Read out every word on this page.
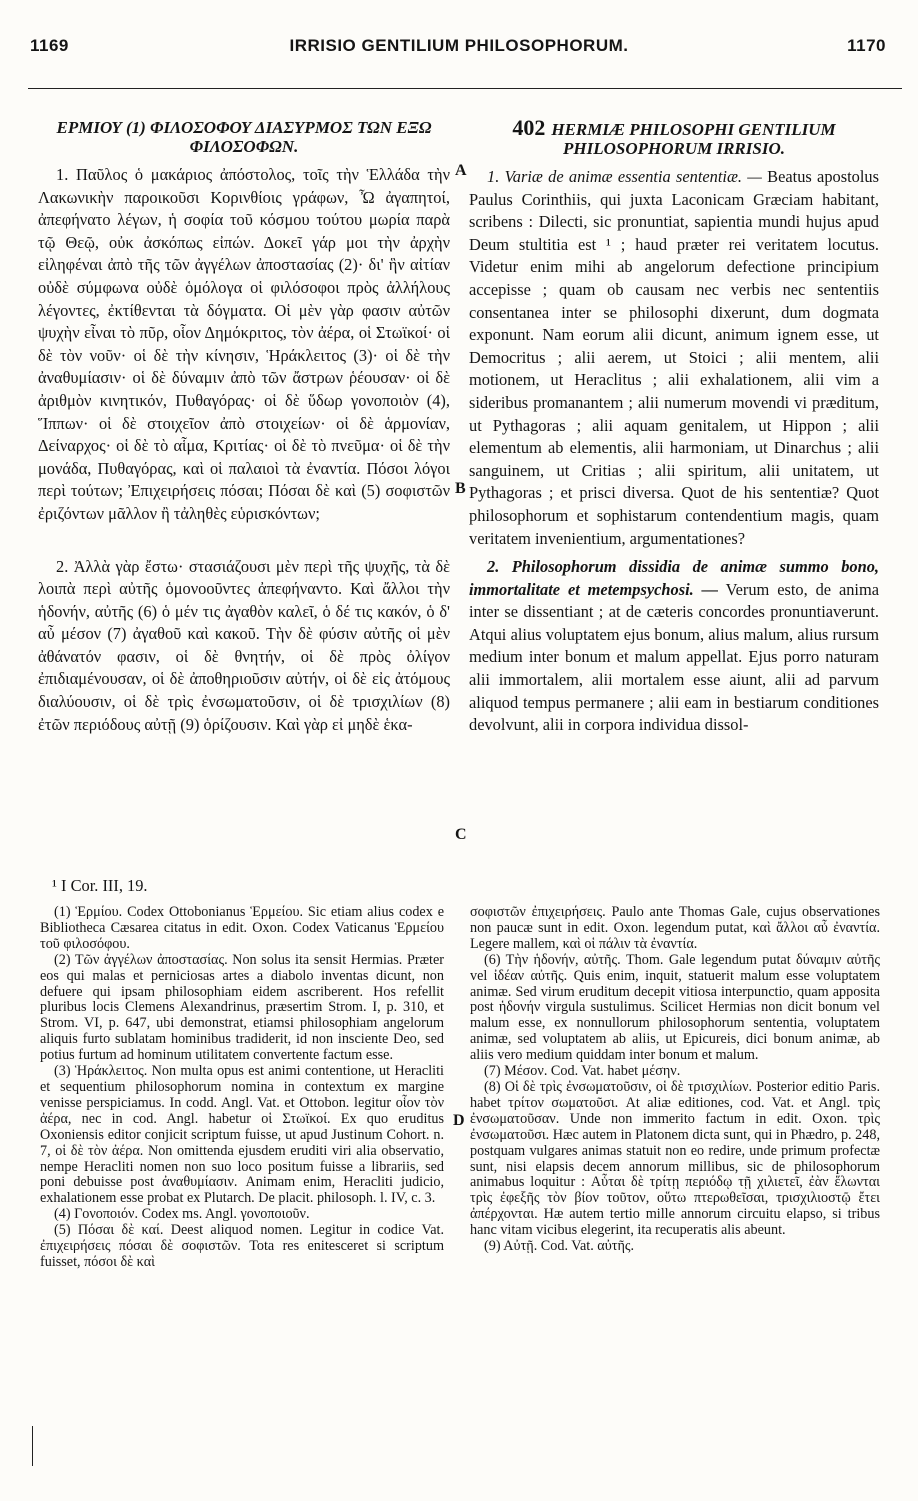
1169	IRRISIO GENTILIUM PHILOSOPHORUM.	1170
ΕΡΜΙΟΥ (1) ΦΙΛΟΣΟΦΟΥ ΔΙΑΣΥΡΜΟΣ ΤΩΝ ΕΞΩ ΦΙΛΟΣΟΦΩΝ.

1. Παῦλος ὁ μακάριος ἀπόστολος, τοῖς τὴν Ἑλλάδα τὴν Λακωνικὴν παροικοῦσι Κορινθίοις γράφων, Ὦ ἀγαπητοί, ἀπεφήνατο λέγων, ἡ σοφία τοῦ κόσμου τούτου μωρία παρὰ τῷ Θεῷ, οὐκ ἀσκόπως εἰπών. Δοκεῖ γάρ μοι τὴν ἀρχὴν εἰληφέναι ἀπὸ τῆς τῶν ἀγγέλων ἀποστασίας (2)· δι' ἣν αἰτίαν οὐδὲ σύμφωνα οὐδὲ ὁμόλογα οἱ φιλόσοφοι πρὸς ἀλλήλους λέγοντες, ἐκτίθενται τὰ δόγματα. Οἱ μὲν γὰρ φασιν αὐτῶν ψυχὴν εἶναι τὸ πῦρ, οἷον Δημόκριτος, τὸν ἀέρα, οἱ Στωϊκοί· οἱ δὲ τὸν νοῦν· οἱ δὲ τὴν κίνησιν, Ἡράκλειτος (3)· οἱ δὲ τὴν ἀναθυμίασιν· οἱ δὲ δύναμιν ἀπὸ τῶν ἄστρων ῥέουσαν· οἱ δὲ ἀριθμὸν κινητικόν, Πυθαγόρας· οἱ δὲ ὕδωρ γονοποιὸν (4), Ἵππων· οἱ δὲ στοιχεῖον ἀπὸ στοιχείων· οἱ δὲ ἁρμονίαν, Δείναρχος· οἱ δὲ τὸ αἷμα, Κριτίας· οἱ δὲ τὸ πνεῦμα· οἱ δὲ τὴν μονάδα, Πυθαγόρας, καὶ οἱ παλαιοὶ τὰ ἐναντία. Πόσοι λόγοι περὶ τούτων; Ἐπιχειρήσεις πόσαι; Πόσαι δὲ καὶ (5) σοφιστῶν ἐριζόντων μᾶλλον ἢ τἀληθὲς εὑρισκόντων;

2. Ἀλλὰ γὰρ ἔστω· στασιάζουσι μὲν περὶ τῆς ψυχῆς, τὰ δὲ λοιπὰ περὶ αὐτῆς ὁμονοοῦντες ἀπεφήναντο. Καὶ ἄλλοι τὴν ἡδονήν, αὐτῆς (6) ὁ μέν τις ἀγαθὸν καλεῖ, ὁ δέ τις κακόν, ὁ δ' αὖ μέσον (7) ἀγαθοῦ καὶ κακοῦ. Τὴν δὲ φύσιν αὐτῆς οἱ μὲν ἀθάνατόν φασιν, οἱ δὲ θνητήν, οἱ δὲ πρὸς ὀλίγον ἐπιδιαμένουσαν, οἱ δὲ ἀποθηριοῦσιν αὐτήν, οἱ δὲ εἰς ἀτόμους διαλύουσιν, οἱ δὲ τρὶς ἐνσωματοῦσιν, οἱ δὲ τρισχιλίων (8) ἐτῶν περιόδους αὐτῇ (9) ὁρίζουσιν. Καὶ γὰρ εἰ μηδὲ ἑκα-

402 HERMIÆ PHILOSOPHI GENTILIUM PHILOSOPHORUM IRRISIO.

1. Variæ de animæ essentia sententiæ. — Beatus apostolus Paulus Corinthiis, qui juxta Laconicam Græciam habitant, scribens : Dilecti, sic pronuntiat, sapientia mundi hujus apud Deum stultitia est ¹ ; haud præter rei veritatem locutus. Videtur enim mihi ab angelorum defectione principium accepisse ; quam ob causam nec verbis nec sententiis consentanea inter se philosophi dixerunt, dum dogmata exponunt. Nam eorum alii dicunt, animum ignem esse, ut Democritus ; alii aerem, ut Stoici ; alii mentem, alii motionem, ut Heraclitus ; alii exhalationem, alii vim a sideribus promanantem ; alii numerum movendi vi præditum, ut Pythagoras ; alii aquam genitalem, ut Hippon ; alii elementum ab elementis, alii harmoniam, ut Dinarchus ; alii sanguinem, ut Critias ; alii spiritum, alii unitatem, ut Pythagoras ; et prisci diversa. Quot de his sententiæ? Quot philosophorum et sophistarum contendentium magis, quam veritatem invenientium, argumentationes?

2. Philosophorum dissidia de animæ summo bono, immortalitate et metempsychosi. — Verum esto, de anima inter se dissentiant ; at de cæteris concordes pronuntiaverunt. Atqui alius voluptatem ejus bonum, alius malum, alius rursum medium inter bonum et malum appellat. Ejus porro naturam alii immortalem, alii mortalem esse aiunt, alii ad parvum aliquod tempus permanere ; alii eam in bestiarum conditiones devolvunt, alii in corpora individua dissol-

A
B
C
D
¹ I Cor. III, 19.

(1) Ἑρμίου. Codex Ottobonianus Ἑρμείου. Sic etiam alius codex e Bibliotheca Cæsarea citatus in edit. Oxon. Codex Vaticanus Ἑρμείου τοῦ φιλοσόφου.

(2) Τῶν ἀγγέλων ἀποστασίας. Non solus ita sensit Hermias. Præter eos qui malas et perniciosas artes a diabolo inventas dicunt, non defuere qui ipsam philosophiam eidem ascriberent. Hos refellit pluribus locis Clemens Alexandrinus, præsertim Strom. I, p. 310, et Strom. VI, p. 647, ubi demonstrat, etiamsi philosophiam angelorum aliquis furto sublatam hominibus tradiderit, id non insciente Deo, sed potius furtum ad hominum utilitatem convertente factum esse.

(3) Ἡράκλειτος. Non multa opus est animi contentione, ut Heracliti et sequentium philosophorum nomina in contextum ex margine venisse perspiciamus. In codd. Angl. Vat. et Ottobon. legitur οἷον τὸν ἀέρα, nec in cod. Angl. habetur οἱ Στωϊκοί. Ex quo eruditus Oxoniensis editor conjicit scriptum fuisse, ut apud Justinum Cohort. n. 7, οἱ δὲ τὸν ἀέρα. Non omittenda ejusdem eruditi viri alia observatio, nempe Heracliti nomen non suo loco positum fuisse a librariis, sed poni debuisse post ἀναθυμίασιν. Animam enim, Heracliti judicio, exhalationem esse probat ex Plutarch. De placit. philosoph. l. IV, c. 3.

(4) Γονοποιόν. Codex ms. Angl. γονοποιοῦν.

(5) Πόσαι δὲ καί. Deest aliquod nomen. Legitur in codice Vat. ἐπιχειρήσεις πόσαι δὲ σοφιστῶν. Tota res enitesceret si scriptum fuisset, πόσοι δὲ καὶ

σοφιστῶν ἐπιχειρήσεις. Paulo ante Thomas Gale, cujus observationes non paucæ sunt in edit. Oxon. legendum putat, καὶ ἄλλοι αὖ ἐναντία. Legere mallem, καὶ οἱ πάλιν τὰ ἐναντία.

(6) Τὴν ἡδονήν, αὐτῆς. Thom. Gale legendum putat δύναμιν αὐτῆς vel ἰδέαν αὐτῆς. Quis enim, inquit, statuerit malum esse voluptatem animæ. Sed virum eruditum decepit vitiosa interpunctio, quam apposita post ἡδονήν virgula sustulimus. Scilicet Hermias non dicit bonum vel malum esse, ex nonnullorum philosophorum sententia, voluptatem animæ, sed voluptatem ab aliis, ut Epicureis, dici bonum animæ, ab aliis vero medium quiddam inter bonum et malum.

(7) Μέσον. Cod. Vat. habet μέσην.

(8) Οἱ δὲ τρὶς ἐνσωματοῦσιν, οἱ δὲ τρισχιλίων. Posterior editio Paris. habet τρίτον σωματοῦσι. At aliæ editiones, cod. Vat. et Angl. τρὶς ἐνσωματοῦσαν. Unde non immerito factum in edit. Oxon. τρὶς ἐνσωματοῦσι. Hæc autem in Platonem dicta sunt, qui in Phædro, p. 248, postquam vulgares animas statuit non eo redire, unde primum profectæ sunt, nisi elapsis decem annorum millibus, sic de philosophorum animabus loquitur : Αὗται δὲ τρίτῃ περιόδῳ τῇ χιλιετεῖ, ἐὰν ἕλωνται τρὶς ἐφεξῆς τὸν βίον τοῦτον, οὕτω πτερωθεῖσαι, τρισχιλιοστῷ ἔτει ἀπέρχονται. Hæ autem tertio mille annorum circuitu elapso, si tribus hanc vitam vicibus elegerint, ita recuperatis alis abeunt.

(9) Αὐτῇ. Cod. Vat. αὐτῆς.
